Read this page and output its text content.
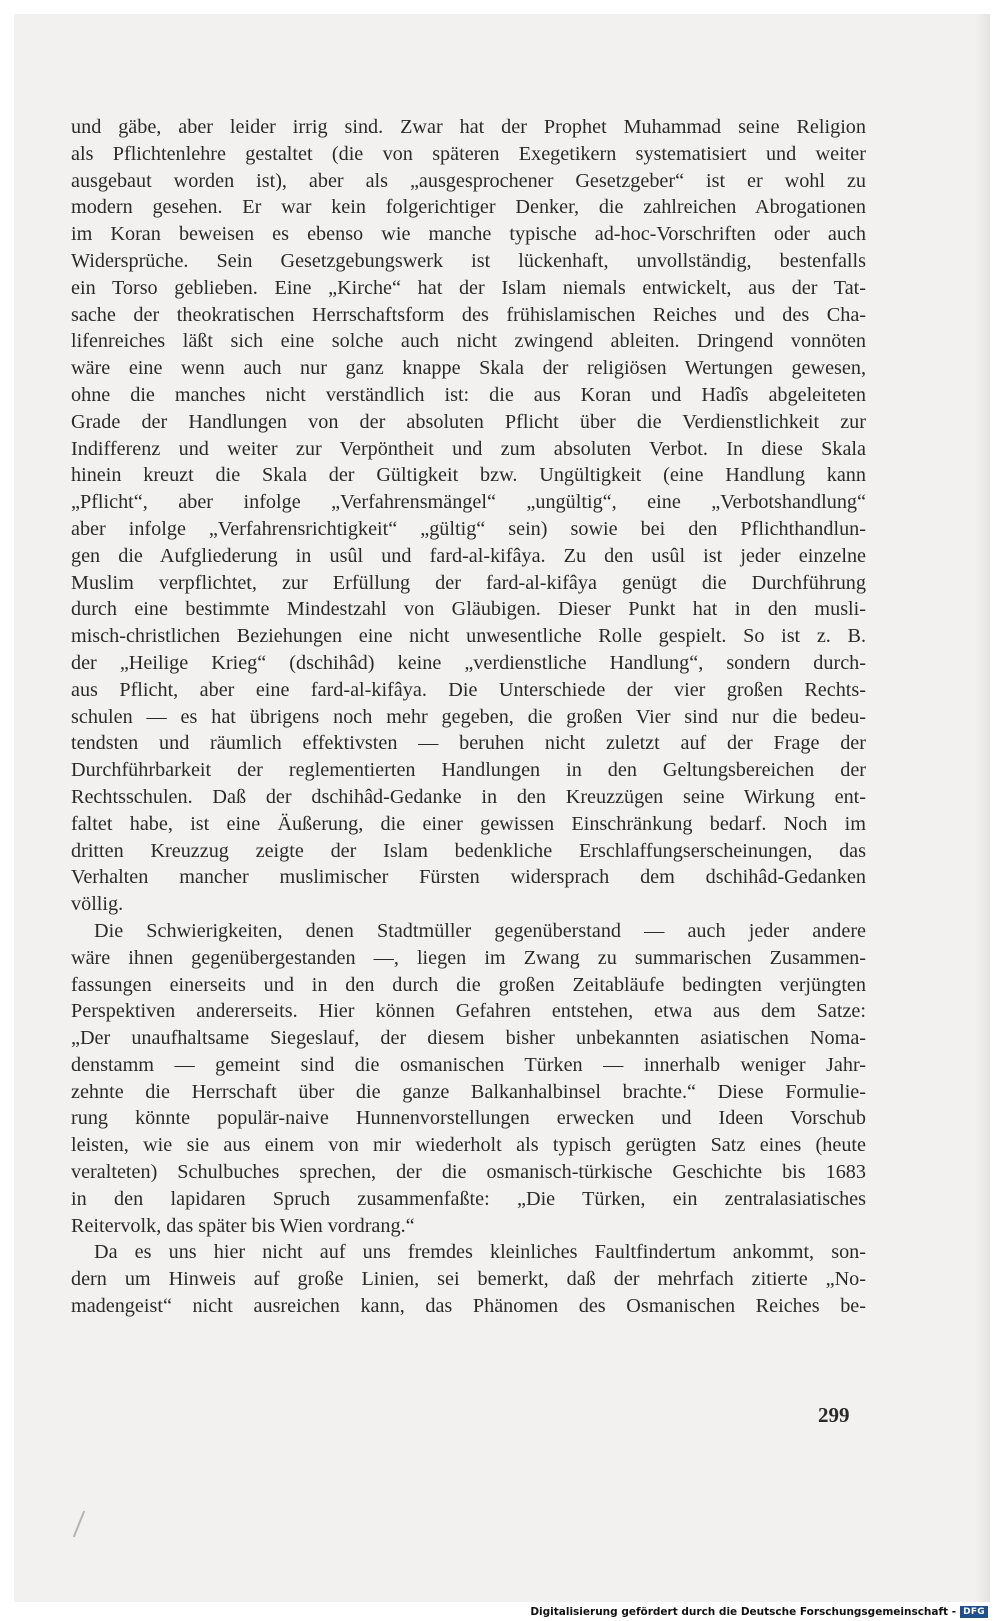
und gäbe, aber leider irrig sind. Zwar hat der Prophet Muhammad seine Religion
als Pflichtenlehre gestaltet (die von späteren Exegetikern systematisiert und weiter
ausgebaut worden ist), aber als „ausgesprochener Gesetzgeber“ ist er wohl zu
modern gesehen. Er war kein folgerichtiger Denker, die zahlreichen Abrogationen
im Koran beweisen es ebenso wie manche typische ad-hoc-Vorschriften oder auch
Widersprüche. Sein Gesetzgebungswerk ist lückenhaft, unvollständig, bestenfalls
ein Torso geblieben. Eine „Kirche“ hat der Islam niemals entwickelt, aus der Tat-
sache der theokratischen Herrschaftsform des frühislamischen Reiches und des Cha-
lifenreiches läßt sich eine solche auch nicht zwingend ableiten. Dringend vonnöten
wäre eine wenn auch nur ganz knappe Skala der religiösen Wertungen gewesen,
ohne die manches nicht verständlich ist: die aus Koran und Hadîs abgeleiteten
Grade der Handlungen von der absoluten Pflicht über die Verdienstlichkeit zur
Indifferenz und weiter zur Verpöntheit und zum absoluten Verbot. In diese Skala
hinein kreuzt die Skala der Gültigkeit bzw. Ungültigkeit (eine Handlung kann
„Pflicht“, aber infolge „Verfahrensmängel“ „ungültig“, eine „Verbotshandlung“
aber infolge „Verfahrensrichtigkeit“ „gültig“ sein) sowie bei den Pflichthandlun-
gen die Aufgliederung in usûl und fard-al-kifâya. Zu den usûl ist jeder einzelne
Muslim verpflichtet, zur Erfüllung der fard-al-kifâya genügt die Durchführung
durch eine bestimmte Mindestzahl von Gläubigen. Dieser Punkt hat in den musli-
misch-christlichen Beziehungen eine nicht unwesentliche Rolle gespielt. So ist z. B.
der „Heilige Krieg“ (dschihâd) keine „verdienstliche Handlung“, sondern durch-
aus Pflicht, aber eine fard-al-kifâya. Die Unterschiede der vier großen Rechts-
schulen — es hat übrigens noch mehr gegeben, die großen Vier sind nur die bedeu-
tendsten und räumlich effektivsten — beruhen nicht zuletzt auf der Frage der
Durchführbarkeit der reglementierten Handlungen in den Geltungsbereichen der
Rechtsschulen. Daß der dschihâd-Gedanke in den Kreuzzügen seine Wirkung ent-
faltet habe, ist eine Äußerung, die einer gewissen Einschränkung bedarf. Noch im
dritten Kreuzzug zeigte der Islam bedenkliche Erschlaffungserscheinungen, das
Verhalten mancher muslimischer Fürsten widersprach dem dschihâd-Gedanken
völlig.
Die Schwierigkeiten, denen Stadtmüller gegenüberstand — auch jeder andere
wäre ihnen gegenübergestanden —, liegen im Zwang zu summarischen Zusammen-
fassungen einerseits und in den durch die großen Zeitabläufe bedingten verjüngten
Perspektiven andererseits. Hier können Gefahren entstehen, etwa aus dem Satze:
„Der unaufhaltsame Siegeslauf, der diesem bisher unbekannten asiatischen Noma-
denstamm — gemeint sind die osmanischen Türken — innerhalb weniger Jahr-
zehnte die Herrschaft über die ganze Balkanhalbinsel brachte.“ Diese Formulie-
rung könnte populär-naive Hunnenvorstellungen erwecken und Ideen Vorschub
leisten, wie sie aus einem von mir wiederholt als typisch gerügten Satz eines (heute
veralteten) Schulbuches sprechen, der die osmanisch-türkische Geschichte bis 1683
in den lapidaren Spruch zusammenfaßte: „Die Türken, ein zentralasiatisches
Reitervolk, das später bis Wien vordrang.“
Da es uns hier nicht auf uns fremdes kleinliches Faultfindertum ankommt, son-
dern um Hinweis auf große Linien, sei bemerkt, daß der mehrfach zitierte „No-
madengeist“ nicht ausreichen kann, das Phänomen des Osmanischen Reiches be-
299
Digitalisierung gefördert durch die Deutsche Forschungsgemeinschaft - DFG
